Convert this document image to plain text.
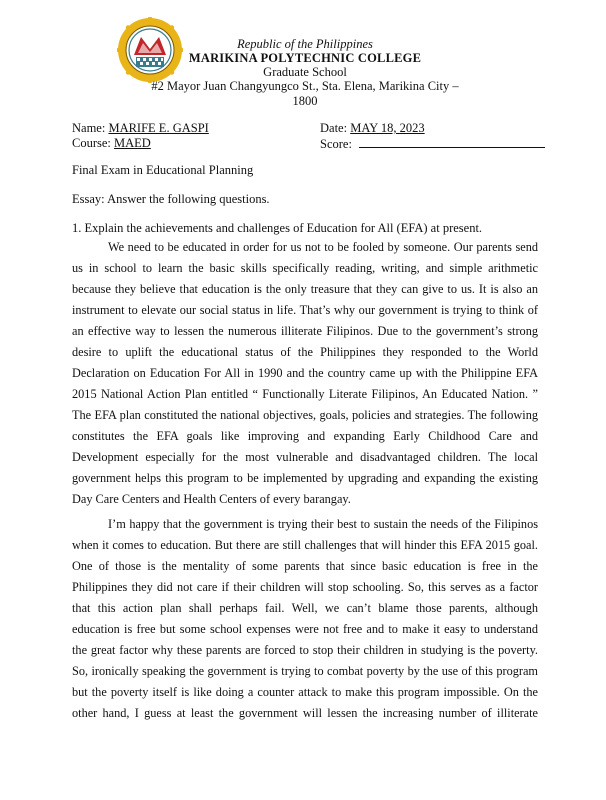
Republic of the Philippines
MARIKINA POLYTECHNIC COLLEGE
Graduate School
#2 Mayor Juan Changyungco St., Sta. Elena, Marikina City – 1800
Name: MARIFE E. GASPI	Date: MAY 18, 2023
Course: MAED	Score:
Final Exam in Educational Planning
Essay: Answer the following questions.
1. Explain the achievements and challenges of Education for All (EFA) at present.
We need to be educated in order for us not to be fooled by someone. Our parents send
us in school to learn the basic skills specifically reading, writing, and simple arithmetic
because they believe that education is the only treasure that they can give to us. It is also an
instrument to elevate our social status in life. That’s why our government is trying to think of
an effective way to lessen the numerous illiterate Filipinos. Due to the government’s strong
desire to uplift the educational status of the Philippines they responded to the World
Declaration on Education For All in 1990 and the country came up with the Philippine EFA
2015 National Action Plan entitled “ Functionally Literate Filipinos, An Educated Nation. ”
The EFA plan constituted the national objectives, goals, policies and strategies. The following
constitutes the EFA goals like improving and expanding Early Childhood Care and
Development especially for the most vulnerable and disadvantaged children. The local
government helps this program to be implemented by upgrading and expanding the existing
Day Care Centers and Health Centers of every barangay.
I’m happy that the government is trying their best to sustain the needs of the Filipinos
when it comes to education. But there are still challenges that will hinder this EFA 2015 goal.
One of those is the mentality of some parents that since basic education is free in the
Philippines they did not care if their children will stop schooling. So, this serves as a factor
that this action plan shall perhaps fail. Well, we can’t blame those parents, although
education is free but some school expenses were not free and to make it easy to understand
the great factor why these parents are forced to stop their children in studying is the poverty.
So, ironically speaking the government is trying to combat poverty by the use of this program
but the poverty itself is like doing a counter attack to make this program impossible. On the
other hand, I guess at least the government will lessen the increasing number of illiterate
